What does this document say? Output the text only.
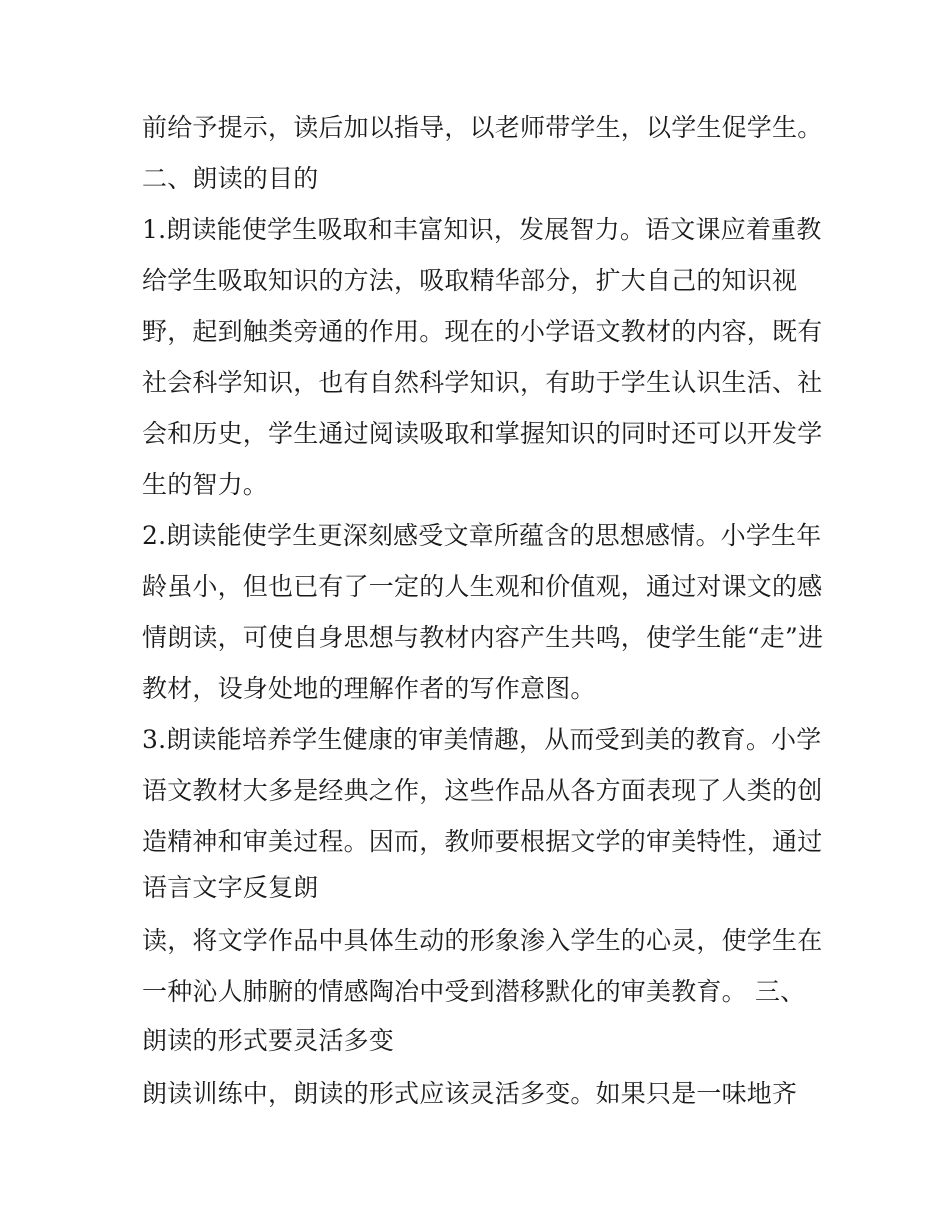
前给予提示，读后加以指导，以老师带学生，以学生促学生。
二、朗读的目的
1.朗读能使学生吸取和丰富知识，发展智力。语文课应着重教
给学生吸取知识的方法，吸取精华部分，扩大自己的知识视
野，起到触类旁通的作用。现在的小学语文教材的内容，既有
社会科学知识，也有自然科学知识，有助于学生认识生活、社
会和历史，学生通过阅读吸取和掌握知识的同时还可以开发学
生的智力。
2.朗读能使学生更深刻感受文章所蕴含的思想感情。小学生年
龄虽小，但也已有了一定的人生观和价值观，通过对课文的感
情朗读，可使自身思想与教材内容产生共鸣，使学生能“走”进
教材，设身处地的理解作者的写作意图。
3.朗读能培养学生健康的审美情趣，从而受到美的教育。小学
语文教材大多是经典之作，这些作品从各方面表现了人类的创
造精神和审美过程。因而，教师要根据文学的审美特性，通过
语言文字反复朗
读，将文学作品中具体生动的形象渗入学生的心灵，使学生在
一种沁人肺腑的情感陶冶中受到潜移默化的审美教育。 三、
朗读的形式要灵活多变
朗读训练中，朗读的形式应该灵活多变。如果只是一味地齐
